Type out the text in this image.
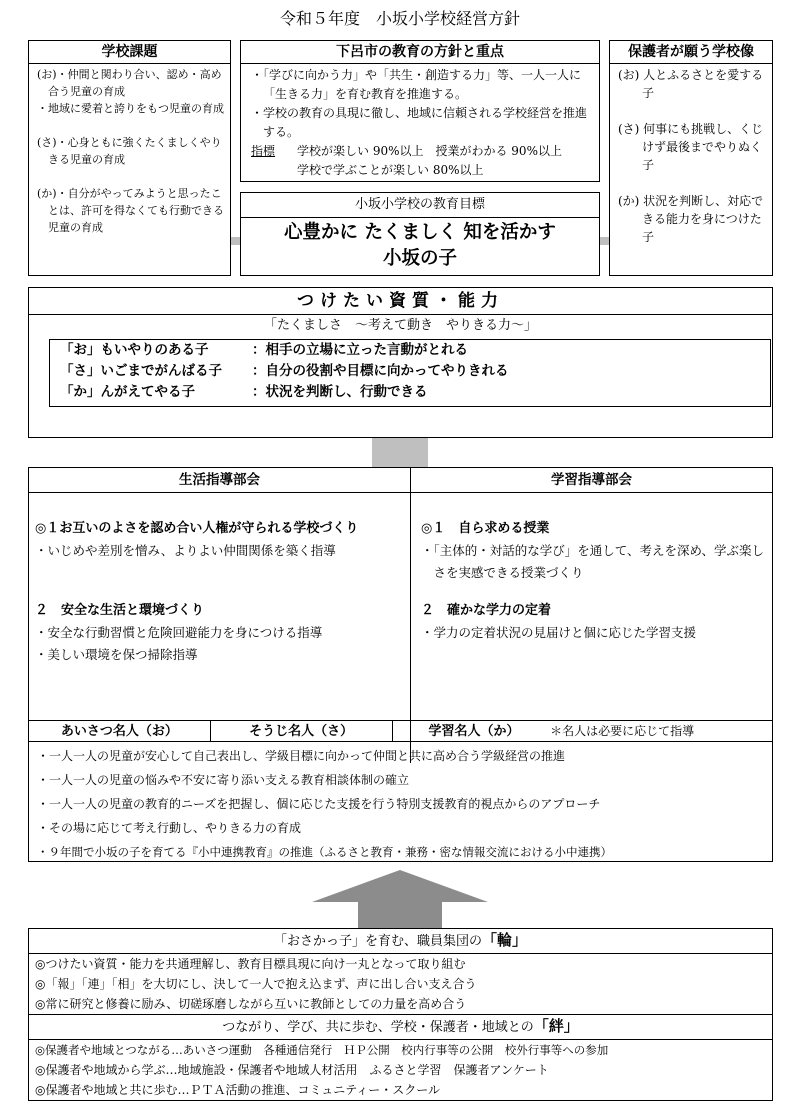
令和５年度　小坂小学校経営方針
学校課題
(お)・仲間と関わり合い、認め・高め合う児童の育成
・地域に愛着と誇りをもつ児童の育成
(さ)・心身ともに強くたくましくやりきる児童の育成
(か)・自分がやってみようと思ったことは、許可を得なくても行動できる児童の育成
下呂市の教育の方針と重点
・「学びに向かう力」や「共生・創造する力」等、一人一人に「生きる力」を育む教育を推進する。
・学校の教育の具現に徹し、地域に信頼される学校経営を推進する。
指標	学校が楽しい 90%以上　授業がわかる 90%以上
学校で学ぶことが楽しい 80%以上
小坂小学校の教育目標
心豊かに たくましく 知を活かす
小坂の子
保護者が願う学校像
(お) 人とふるさとを愛する子
(さ) 何事にも挑戦し、くじけず最後までやりぬく子
(か) 状況を判断し、対応できる能力を身につけた子
つけたい資質・能力
「たくましさ　～考えて動き　やりきる力～」
「お」もいやりのある子	：相手の立場に立った言動がとれる
「さ」いごまでがんばる子	：自分の役割や目標に向かってやりきれる
「か」んがえてやる子	：状況を判断し、行動できる
生活指導部会	学習指導部会
◎１お互いのよさを認め合い人権が守られる学校づくり
・いじめや差別を憎み、よりよい仲間関係を築く指導
２　安全な生活と環境づくり
・安全な行動習慣と危険回避能力を身につける指導
・美しい環境を保つ掃除指導
◎１　自ら求める授業
・「主体的・対話的な学び」を通して、考えを深め、学ぶ楽しさを実感できる授業づくり
２　確かな学力の定着
・学力の定着状況の見届けと個に応じた学習支援
あいさつ名人（お）	そうじ名人（さ）	学習名人（か）	＊名人は必要に応じて指導
・一人一人の児童が安心して自己表出し、学級目標に向かって仲間と共に高め合う学級経営の推進
・一人一人の児童の悩みや不安に寄り添い支える教育相談体制の確立
・一人一人の児童の教育的ニーズを把握し、個に応じた支援を行う特別支援教育的視点からのアプローチ
・その場に応じて考え行動し、やりきる力の育成
・９年間で小坂の子を育てる『小中連携教育』の推進（ふるさと教育・兼務・密な情報交流における小中連携）
「おさかっ子」を育む、職員集団の「輪」
◎つけたい資質・能力を共通理解し、教育目標具現に向け一丸となって取り組む
◎「報」「連」「相」を大切にし、決して一人で抱え込まず、声に出し合い支え合う
◎常に研究と修養に励み、切磋琢磨しながら互いに教師としての力量を高め合う
つながり、学び、共に歩む、学校・保護者・地域との「絆」
◎保護者や地域とつながる…あいさつ運動　各種通信発行　ＨＰ公開　校内行事等の公開　校外行事等への参加
◎保護者や地域から学ぶ…地域施設・保護者や地域人材活用　ふるさと学習　保護者アンケート
◎保護者や地域と共に歩む…ＰＴＡ活動の推進、コミュニティー・スクール
